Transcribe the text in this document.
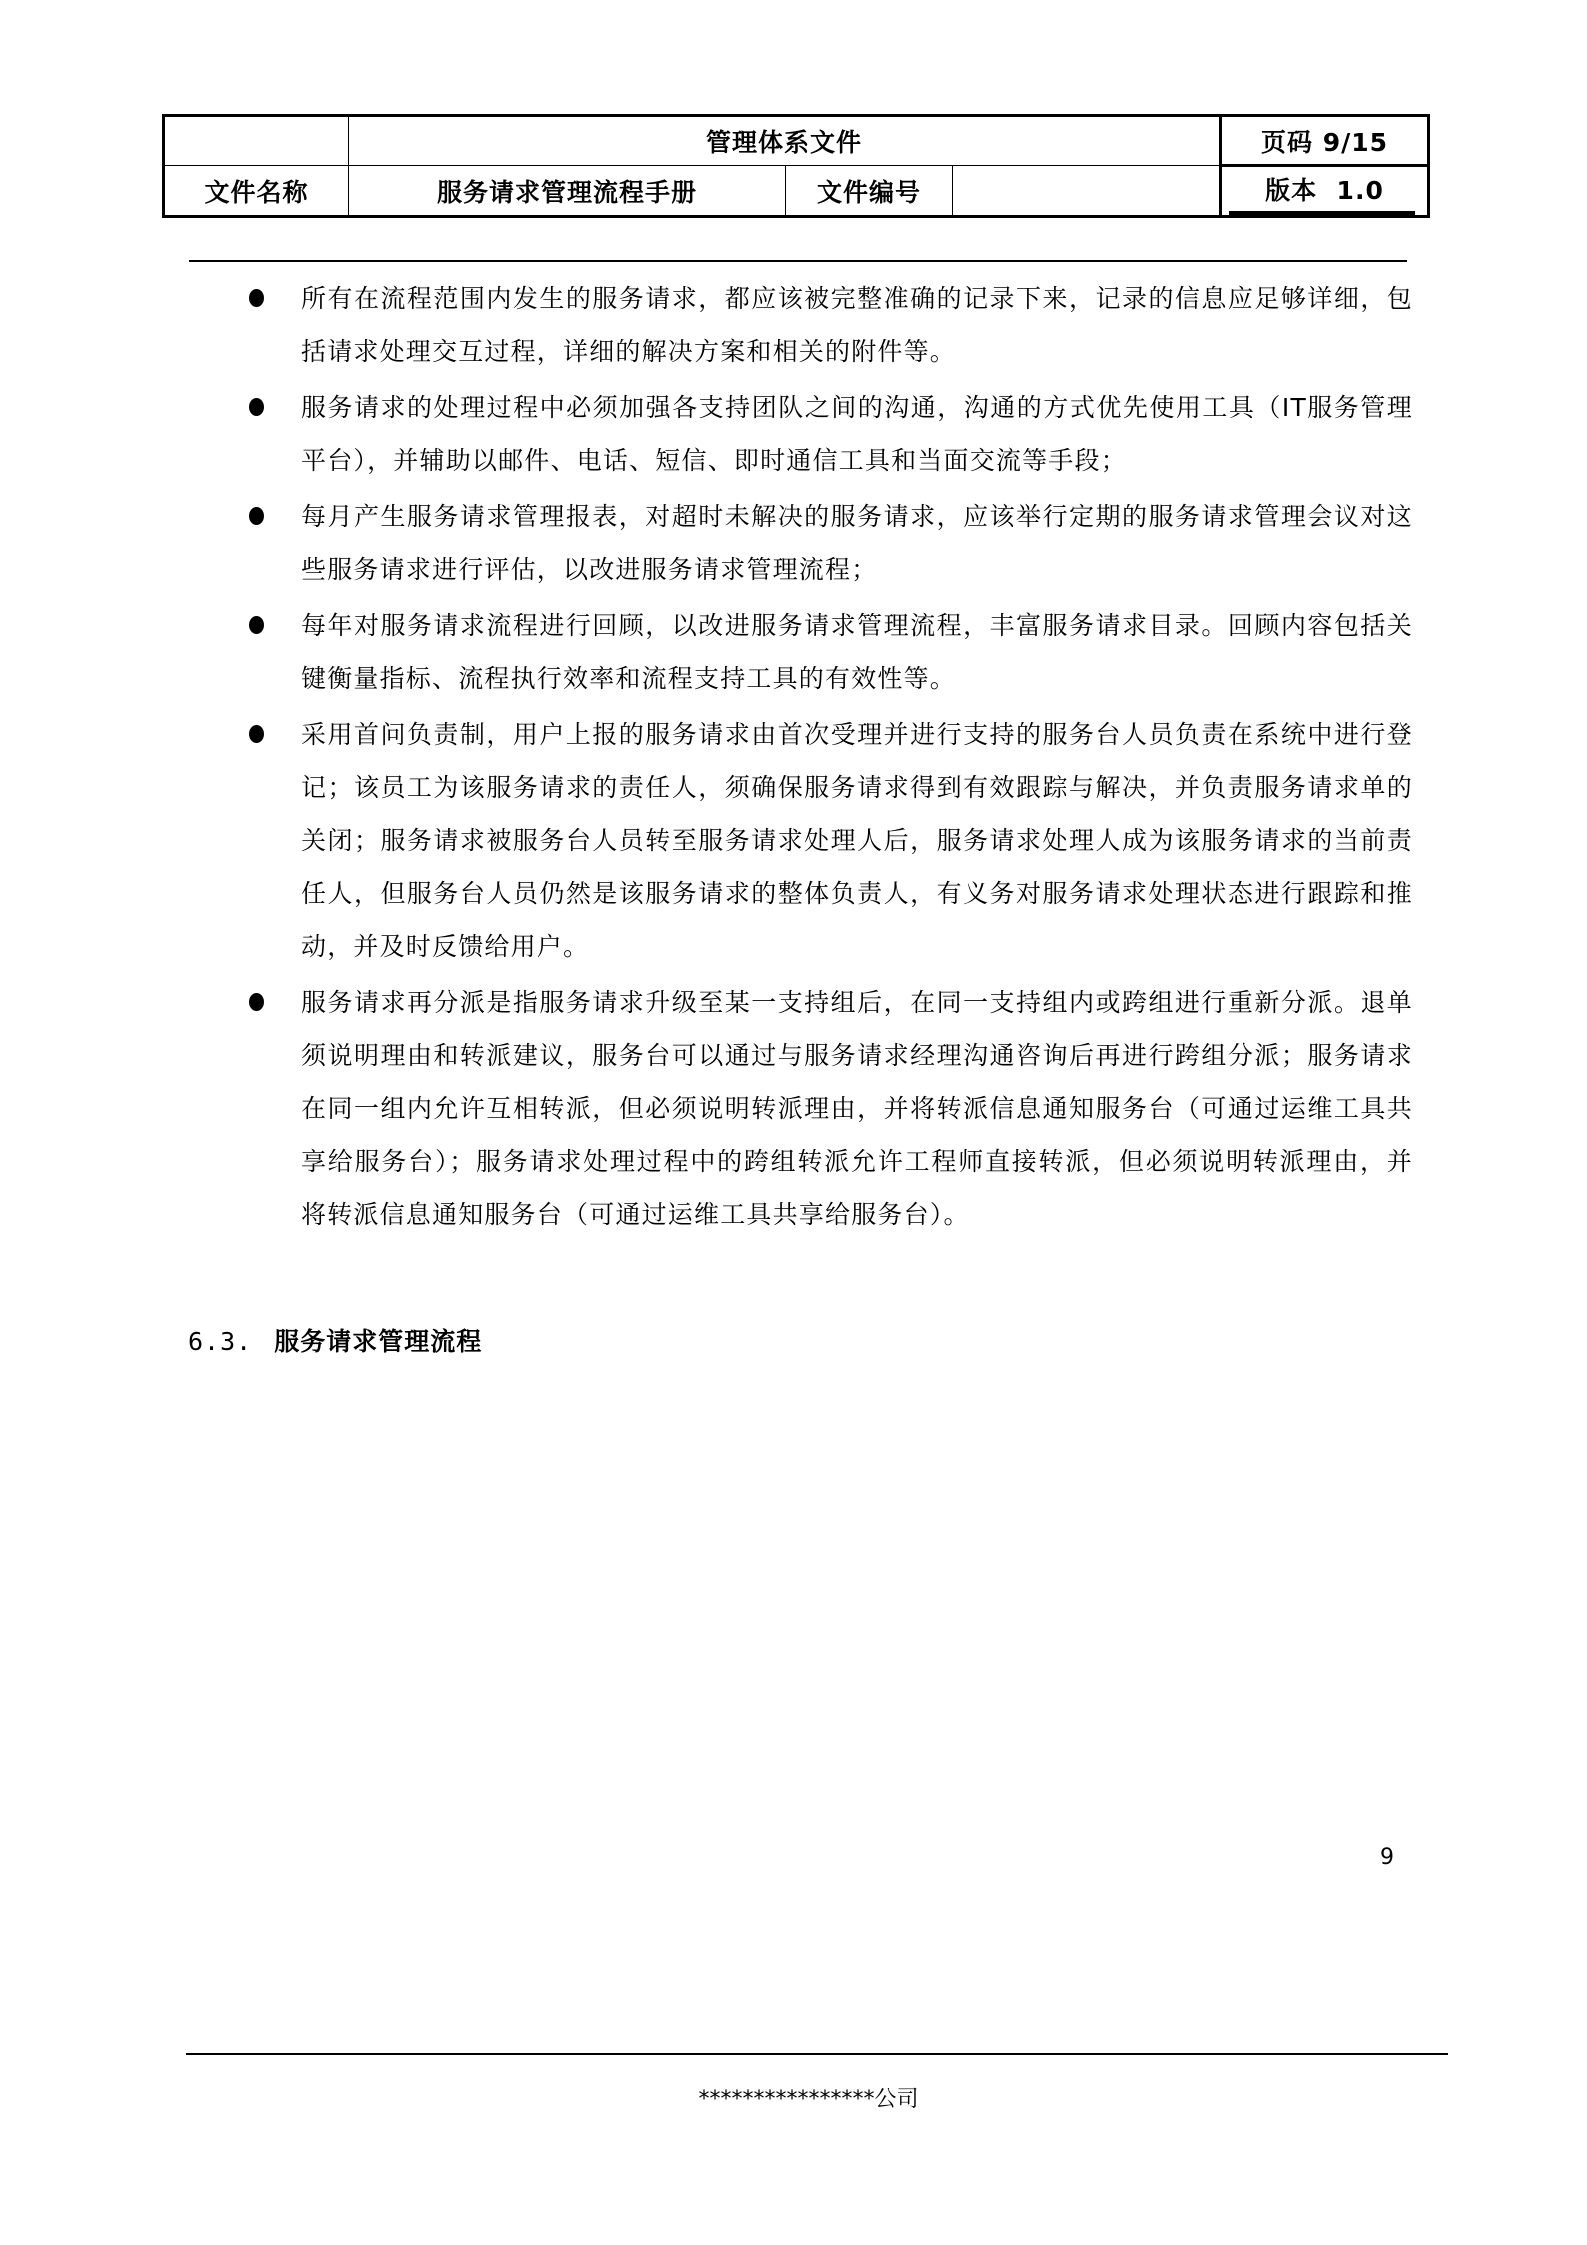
管理体系文件	页码 9/15
文件名称	服务请求管理流程手册	文件编号	版本  1.0
所有在流程范围内发生的服务请求，都应该被完整准确的记录下来，记录的信息应足够详细，包括请求处理交互过程，详细的解决方案和相关的附件等。
服务请求的处理过程中必须加强各支持团队之间的沟通，沟通的方式优先使用工具（IT服务管理平台），并辅助以邮件、电话、短信、即时通信工具和当面交流等手段；
每月产生服务请求管理报表，对超时未解决的服务请求，应该举行定期的服务请求管理会议对这些服务请求进行评估，以改进服务请求管理流程；
每年对服务请求流程进行回顾，以改进服务请求管理流程，丰富服务请求目录。回顾内容包括关键衡量指标、流程执行效率和流程支持工具的有效性等。
采用首问负责制，用户上报的服务请求由首次受理并进行支持的服务台人员负责在系统中进行登记；该员工为该服务请求的责任人，须确保服务请求得到有效跟踪与解决，并负责服务请求单的关闭；服务请求被服务台人员转至服务请求处理人后，服务请求处理人成为该服务请求的当前责任人，但服务台人员仍然是该服务请求的整体负责人，有义务对服务请求处理状态进行跟踪和推动，并及时反馈给用户。
服务请求再分派是指服务请求升级至某一支持组后，在同一支持组内或跨组进行重新分派。退单须说明理由和转派建议，服务台可以通过与服务请求经理沟通咨询后再进行跨组分派；服务请求在同一组内允许互相转派，但必须说明转派理由，并将转派信息通知服务台（可通过运维工具共享给服务台）；服务请求处理过程中的跨组转派允许工程师直接转派，但必须说明转派理由，并将转派信息通知服务台（可通过运维工具共享给服务台）。
6.3. 服务请求管理流程
9
****************公司
